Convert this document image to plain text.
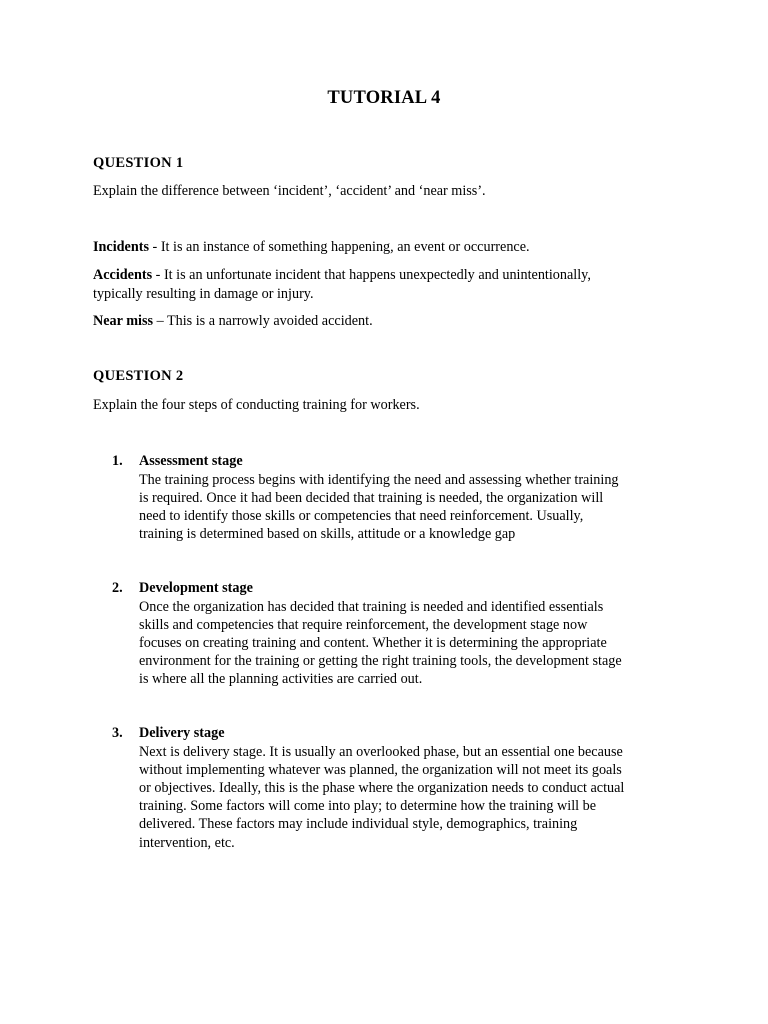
TUTORIAL 4
QUESTION 1
Explain the difference between ‘incident’, ‘accident’ and ‘near miss’.
Incidents - It is an instance of something happening, an event or occurrence.
Accidents - It is an unfortunate incident that happens unexpectedly and unintentionally,
typically resulting in damage or injury.
Near miss – This is a narrowly avoided accident.
QUESTION 2
Explain the four steps of conducting training for workers.
1. Assessment stage
The training process begins with identifying the need and assessing whether training
is required. Once it had been decided that training is needed, the organization will
need to identify those skills or competencies that need reinforcement. Usually,
training is determined based on skills, attitude or a knowledge gap
2. Development stage
Once the organization has decided that training is needed and identified essentials
skills and competencies that require reinforcement, the development stage now
focuses on creating training and content. Whether it is determining the appropriate
environment for the training or getting the right training tools, the development stage
is where all the planning activities are carried out.
3. Delivery stage
Next is delivery stage. It is usually an overlooked phase, but an essential one because
without implementing whatever was planned, the organization will not meet its goals
or objectives. Ideally, this is the phase where the organization needs to conduct actual
training. Some factors will come into play; to determine how the training will be
delivered. These factors may include individual style, demographics, training
intervention, etc.
